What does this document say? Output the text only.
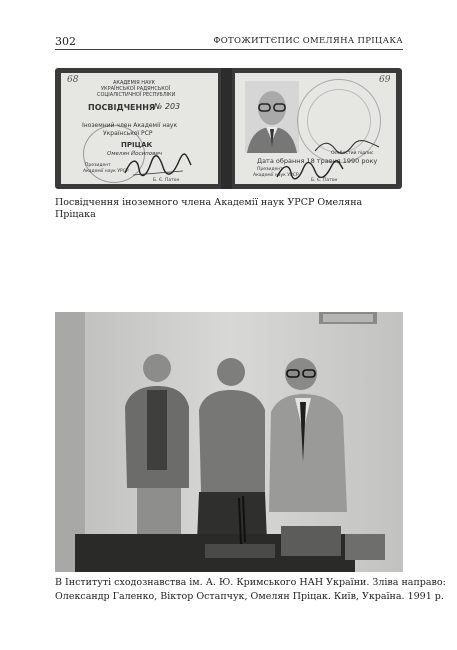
302	ФОТОЖИТТЄПИС ОМЕЛЯНА ПРІЦАКА
68	АКАДЕМІЯ НАУК
УКРАЇНСЬКОЇ РАДЯНСЬКОЇ
СОЦІАЛІСТИЧНОЇ РЕСПУБЛІКИ
ПОСВІДЧЕННЯ
№ 203
Іноземний член Академії наук
Української РСР
ПРІЦАК
Омелян Йосипович
Президент
Академії наук УРСР
Б. Є. Патон
69
Особистий підпис
Дата обрання 18 травня 1990 року
Президент
Академії наук УРСР
Б. Є. Патон
Посвідчення іноземного члена Академії наук УРСР Омеляна Пріцака
В Інституті сходознавства ім. А. Ю. Кримського НАН України. Зліва направо:
Олександр Галенко, Віктор Остапчук, Омелян Пріцак. Київ, Україна. 1991 р.
